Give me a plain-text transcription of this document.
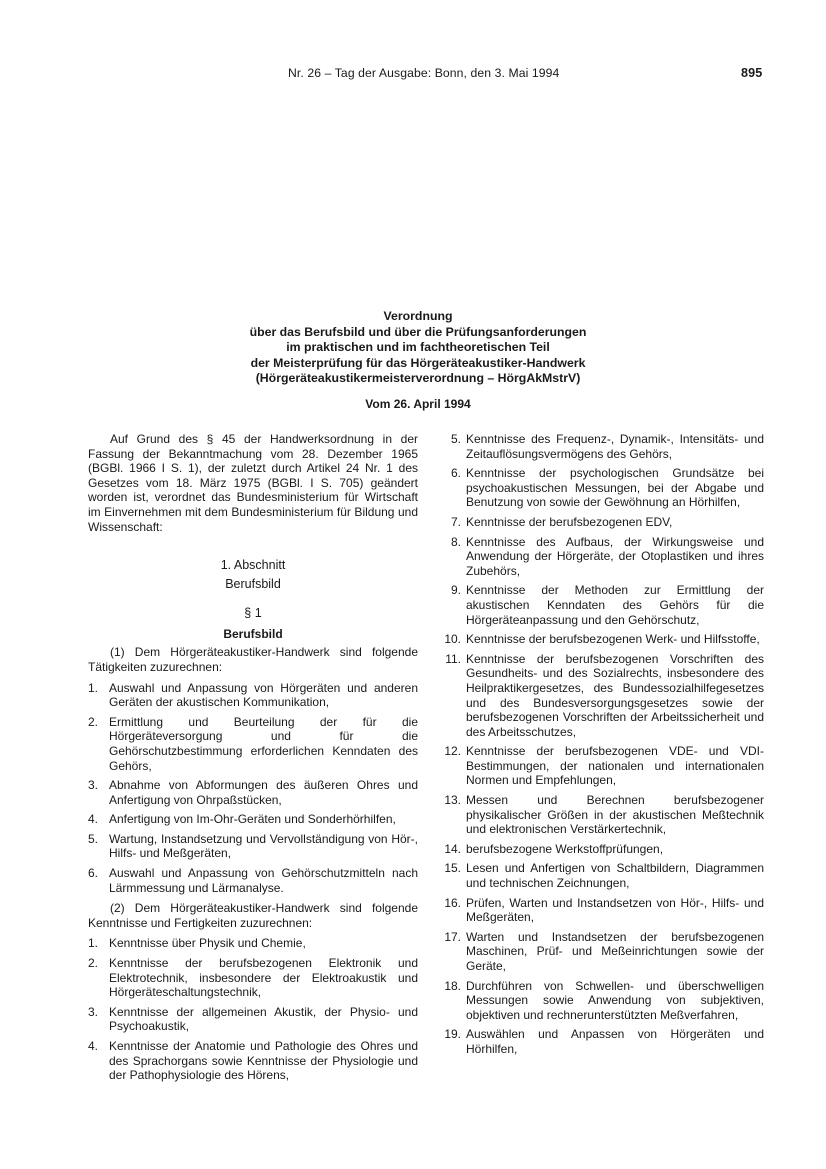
Nr. 26 – Tag der Ausgabe: Bonn, den 3. Mai 1994	895
Verordnung
über das Berufsbild und über die Prüfungsanforderungen
im praktischen und im fachtheoretischen Teil
der Meisterprüfung für das Hörgeräteakustiker-Handwerk
(Hörgeräteakustikermeisterverordnung – HörgAkMstrV)
Vom 26. April 1994

Auf Grund des § 45 der Handwerksordnung in der Fassung der Bekanntmachung vom 28. Dezember 1965 (BGBl. 1966 I S. 1), der zuletzt durch Artikel 24 Nr. 1 des Gesetzes vom 18. März 1975 (BGBl. I S. 705) geändert worden ist, verordnet das Bundesministerium für Wirtschaft im Einvernehmen mit dem Bundesministerium für Bildung und Wissenschaft:

1. Abschnitt
Berufsbild
§ 1
Berufsbild

(1) Dem Hörgeräteakustiker-Handwerk sind folgende Tätigkeiten zuzurechnen:

1. Auswahl und Anpassung von Hörgeräten und anderen Geräten der akustischen Kommunikation,
2. Ermittlung und Beurteilung der für die Hörgeräteversorgung und für die Gehörschutzbestimmung erforderlichen Kenndaten des Gehörs,
3. Abnahme von Abformungen des äußeren Ohres und Anfertigung von Ohrpaßstücken,
4. Anfertigung von Im-Ohr-Geräten und Sonderhörhilfen,
5. Wartung, Instandsetzung und Vervollständigung von Hör-, Hilfs- und Meßgeräten,
6. Auswahl und Anpassung von Gehörschutzmitteln nach Lärmmessung und Lärmanalyse.

(2) Dem Hörgeräteakustiker-Handwerk sind folgende Kenntnisse und Fertigkeiten zuzurechnen:

1. Kenntnisse über Physik und Chemie,
2. Kenntnisse der berufsbezogenen Elektronik und Elektrotechnik, insbesondere der Elektroakustik und Hörgeräteschaltungstechnik,
3. Kenntnisse der allgemeinen Akustik, der Physio- und Psychoakustik,
4. Kenntnisse der Anatomie und Pathologie des Ohres und des Sprachorgans sowie Kenntnisse der Physiologie und der Pathophysiologie des Hörens,
5. Kenntnisse des Frequenz-, Dynamik-, Intensitäts- und Zeitauflösungsvermögens des Gehörs,
6. Kenntnisse der psychologischen Grundsätze bei psychoakustischen Messungen, bei der Abgabe und Benutzung von sowie der Gewöhnung an Hörhilfen,
7. Kenntnisse der berufsbezogenen EDV,
8. Kenntnisse des Aufbaus, der Wirkungsweise und Anwendung der Hörgeräte, der Otoplastiken und ihres Zubehörs,
9. Kenntnisse der Methoden zur Ermittlung der akustischen Kenndaten des Gehörs für die Hörgeräteanpassung und den Gehörschutz,
10. Kenntnisse der berufsbezogenen Werk- und Hilfsstoffe,
11. Kenntnisse der berufsbezogenen Vorschriften des Gesundheits- und des Sozialrechts, insbesondere des Heilpraktikergesetzes, des Bundessozialhilfegesetzes und des Bundesversorgungsgesetzes sowie der berufsbezogenen Vorschriften der Arbeitssicherheit und des Arbeitsschutzes,
12. Kenntnisse der berufsbezogenen VDE- und VDI-Bestimmungen, der nationalen und internationalen Normen und Empfehlungen,
13. Messen und Berechnen berufsbezogener physikalischer Größen in der akustischen Meßtechnik und elektronischen Verstärkertechnik,
14. berufsbezogene Werkstoffprüfungen,
15. Lesen und Anfertigen von Schaltbildern, Diagrammen und technischen Zeichnungen,
16. Prüfen, Warten und Instandsetzen von Hör-, Hilfs- und Meßgeräten,
17. Warten und Instandsetzen der berufsbezogenen Maschinen, Prüf- und Meßeinrichtungen sowie der Geräte,
18. Durchführen von Schwellen- und überschwelligen Messungen sowie Anwendung von subjektiven, objektiven und rechnerunterstützten Meßverfahren,
19. Auswählen und Anpassen von Hörgeräten und Hörhilfen,
